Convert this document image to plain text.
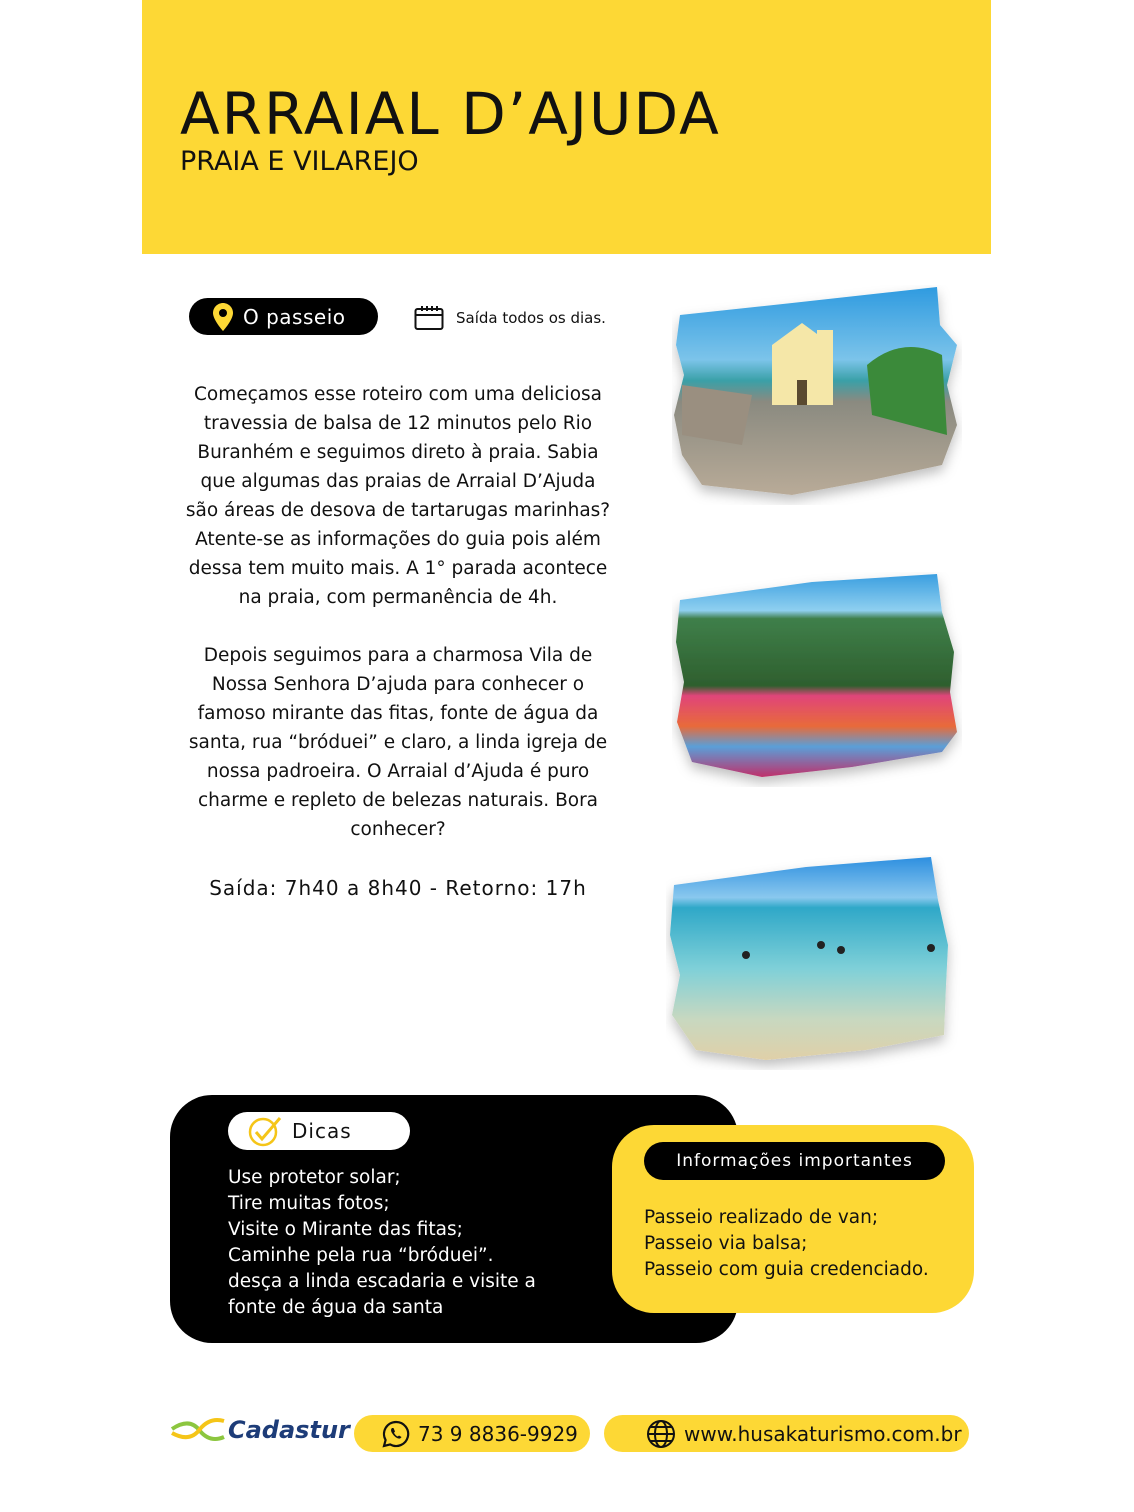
ARRAIAL D’AJUDA
PRAIA E VILAREJO
O passeio	Saída todos os dias.

Começamos esse roteiro com uma deliciosa travessia de balsa de 12 minutos pelo Rio Buranhém e seguimos direto à praia. Sabia que algumas das praias de Arraial D’Ajuda são áreas de desova de tartarugas marinhas? Atente-se as informações do guia pois além dessa tem muito mais. A 1° parada acontece na praia, com permanência de 4h.

Depois seguimos para a charmosa Vila de Nossa Senhora D’ajuda para conhecer o famoso mirante das fitas, fonte de água da santa, rua “bróduei” e claro, a linda igreja de nossa padroeira. O Arraial d’Ajuda é puro charme e repleto de belezas naturais. Bora conhecer?

Saída: 7h40 a 8h40 - Retorno: 17h
Dicas
Use protetor solar;
Tire muitas fotos;
Visite o Mirante das fitas;
Caminhe pela rua “bróduei”.
desça a linda escadaria e visite a
fonte de água da santa
Informações importantes
Passeio realizado de van;
Passeio via balsa;
Passeio com guia credenciado.
Cadastur	73 9 8836-9929	www.husakaturismo.com.br
